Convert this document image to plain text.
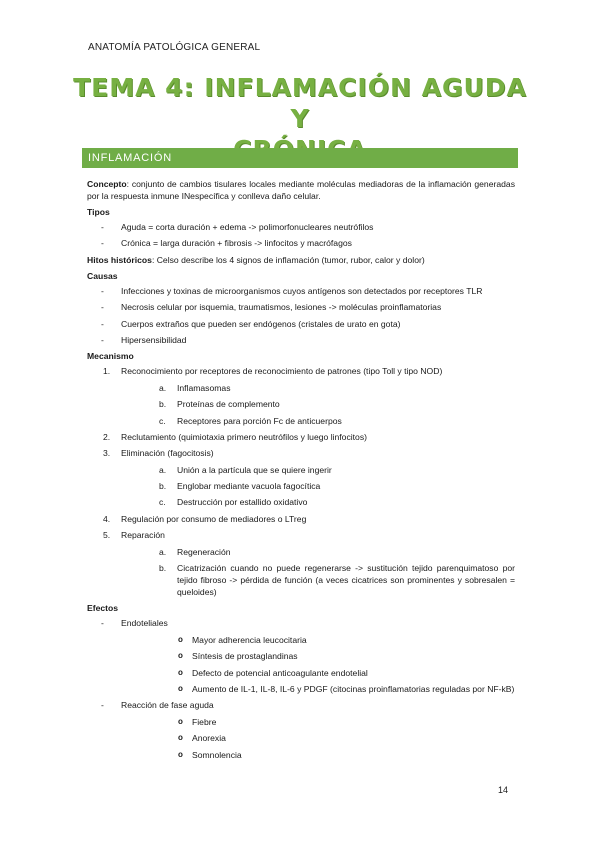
ANATOMÍA PATOLÓGICA GENERAL
TEMA 4: INFLAMACIÓN AGUDA Y
INFLAMACIÓN

Concepto: conjunto de cambios tisulares locales mediante moléculas mediadoras de la inflamación generadas por la respuesta inmune INespecífica y conlleva daño celular.

Tipos
- Aguda = corta duración + edema -> polimorfonucleares neutrófilos
- Crónica = larga duración + fibrosis -> linfocitos y macrófagos

Hitos históricos: Celso describe los 4 signos de inflamación (tumor, rubor, calor y dolor)

Causas
- Infecciones y toxinas de microorganismos cuyos antígenos son detectados por receptores TLR
- Necrosis celular por isquemia, traumatismos, lesiones -> moléculas proinflamatorias
- Cuerpos extraños que pueden ser endógenos (cristales de urato en gota)
- Hipersensibilidad
Mecanismo
1. Reconocimiento por receptores de reconocimiento de patrones (tipo Toll y tipo NOD)
a. Inflamasomas
b. Proteínas de complemento
c. Receptores para porción Fc de anticuerpos
2. Reclutamiento (quimiotaxia primero neutrófilos y luego linfocitos)
3. Eliminación (fagocitosis)
a. Unión a la partícula que se quiere ingerir
b. Englobar mediante vacuola fagocítica
c. Destrucción por estallido oxidativo
4. Regulación por consumo de mediadores o LTreg
5. Reparación
a. Regeneración
b. Cicatrización cuando no puede regenerarse -> sustitución tejido parenquimatoso por tejido fibroso -> pérdida de función (a veces cicatrices son prominentes y sobresalen = queloides)
Efectos
- Endoteliales
o Mayor adherencia leucocitaria
o Síntesis de prostaglandinas
o Defecto de potencial anticoagulante endotelial
o Aumento de IL-1, IL-8, IL-6 y PDGF (citocinas proinflamatorias reguladas por NF-kB)
- Reacción de fase aguda
o Fiebre
o Anorexia
o Somnolencia
14
